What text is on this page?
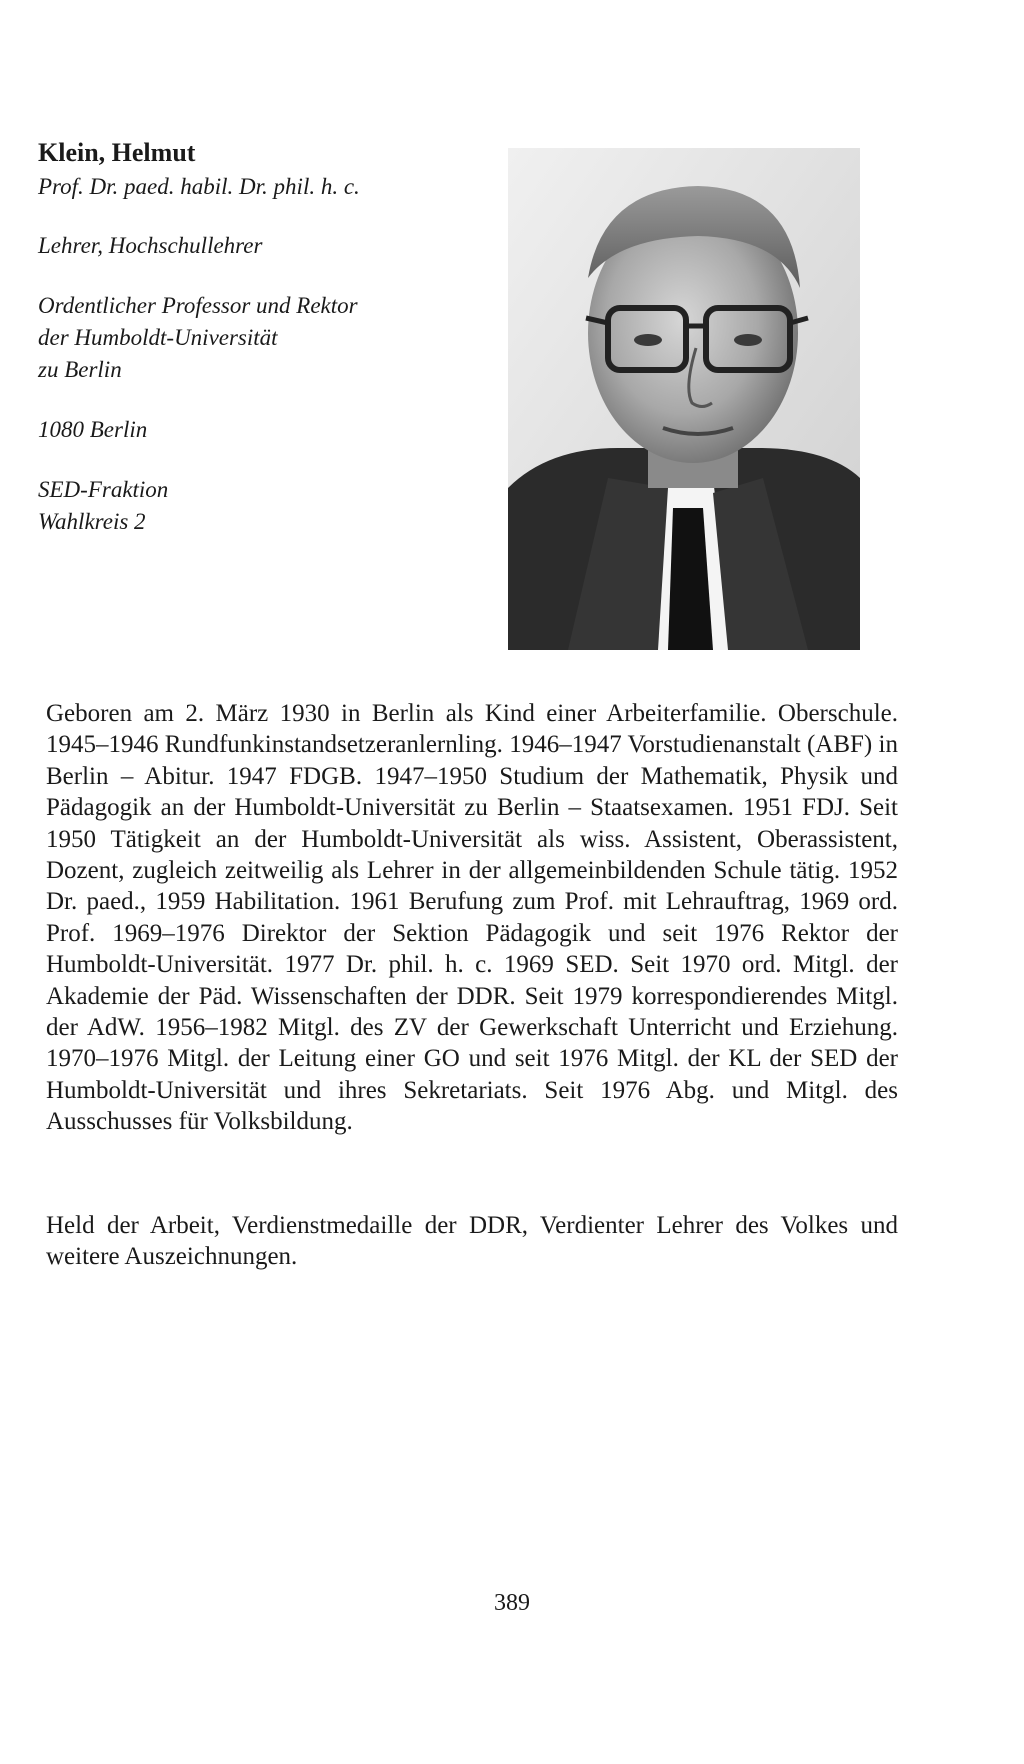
Klein, Helmut

Prof. Dr. paed. habil. Dr. phil. h. c.

Lehrer, Hochschullehrer

Ordentlicher Professor und Rektor

der Humboldt-Universität

zu Berlin

1080 Berlin

SED-Fraktion

Wahlkreis 2

Geboren am 2. März 1930 in Berlin als Kind einer Arbeiterfamilie. Oberschule. 1945–1946 Rundfunkinstandsetzeranlernling. 1946–1947 Vorstudienanstalt (ABF) in Berlin – Abitur. 1947 FDGB. 1947–1950 Studium der Mathematik, Physik und Pädagogik an der Humboldt-Universität zu Berlin – Staatsexamen. 1951 FDJ. Seit 1950 Tätigkeit an der Humboldt-Universität als wiss. Assistent, Oberassistent, Dozent, zugleich zeitweilig als Lehrer in der allgemeinbildenden Schule tätig. 1952 Dr. paed., 1959 Habilitation. 1961 Berufung zum Prof. mit Lehrauftrag, 1969 ord. Prof. 1969–1976 Direktor der Sektion Pädagogik und seit 1976 Rektor der Humboldt-Universität. 1977 Dr. phil. h. c. 1969 SED. Seit 1970 ord. Mitgl. der Akademie der Päd. Wissenschaften der DDR. Seit 1979 korrespondierendes Mitgl. der AdW. 1956–1982 Mitgl. des ZV der Gewerkschaft Unterricht und Erziehung. 1970–1976 Mitgl. der Leitung einer GO und seit 1976 Mitgl. der KL der SED der Humboldt-Universität und ihres Sekretariats. Seit 1976 Abg. und Mitgl. des Ausschusses für Volksbildung.

Held der Arbeit, Verdienstmedaille der DDR, Verdienter Lehrer des Volkes und weitere Auszeichnungen.

389
